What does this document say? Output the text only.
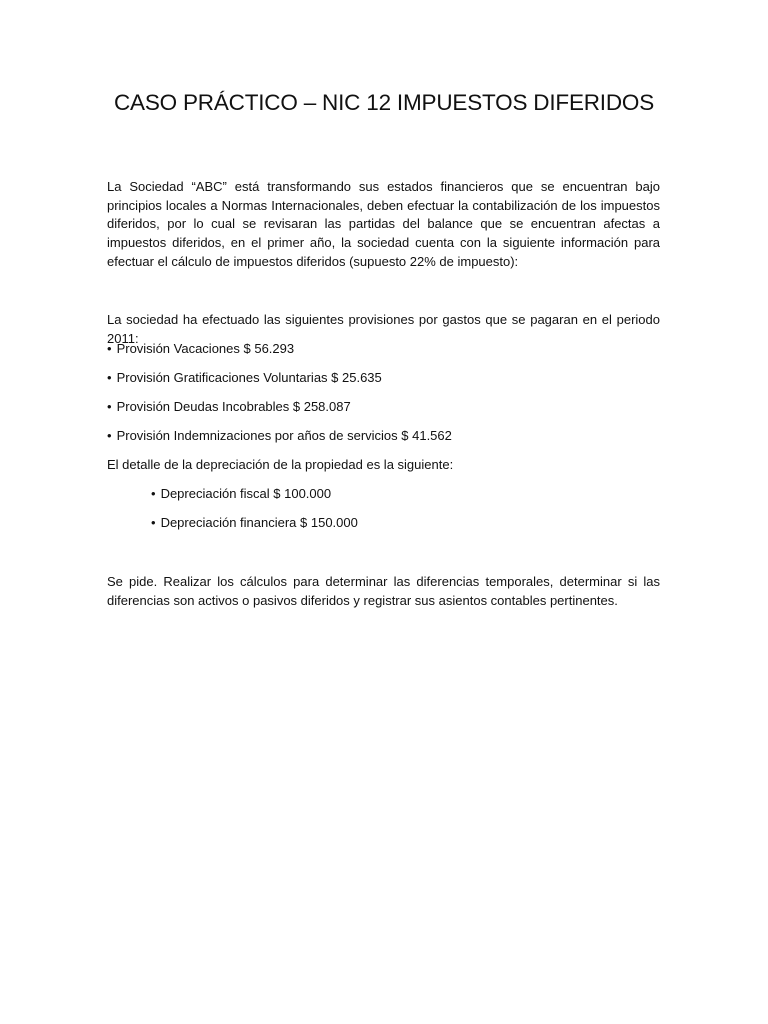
CASO PRÁCTICO – NIC 12 IMPUESTOS DIFERIDOS

La Sociedad “ABC” está transformando sus estados financieros que se encuentran bajo principios locales a Normas Internacionales, deben efectuar la contabilización de los impuestos diferidos, por lo cual se revisaran las partidas del balance que se encuentran afectas a impuestos diferidos, en el primer año, la sociedad cuenta con la siguiente información para efectuar el cálculo de impuestos diferidos (supuesto 22% de impuesto):

La sociedad ha efectuado las siguientes provisiones por gastos que se pagaran en el periodo 2011:

• Provisión Vacaciones $ 56.293

• Provisión Gratificaciones Voluntarias $ 25.635

• Provisión Deudas Incobrables $ 258.087

• Provisión Indemnizaciones por años de servicios $ 41.562

El detalle de la depreciación de la propiedad es la siguiente:

• Depreciación fiscal $ 100.000

• Depreciación financiera $ 150.000

Se pide. Realizar los cálculos para determinar las diferencias temporales, determinar si las diferencias son activos o pasivos diferidos y registrar sus asientos contables pertinentes.
